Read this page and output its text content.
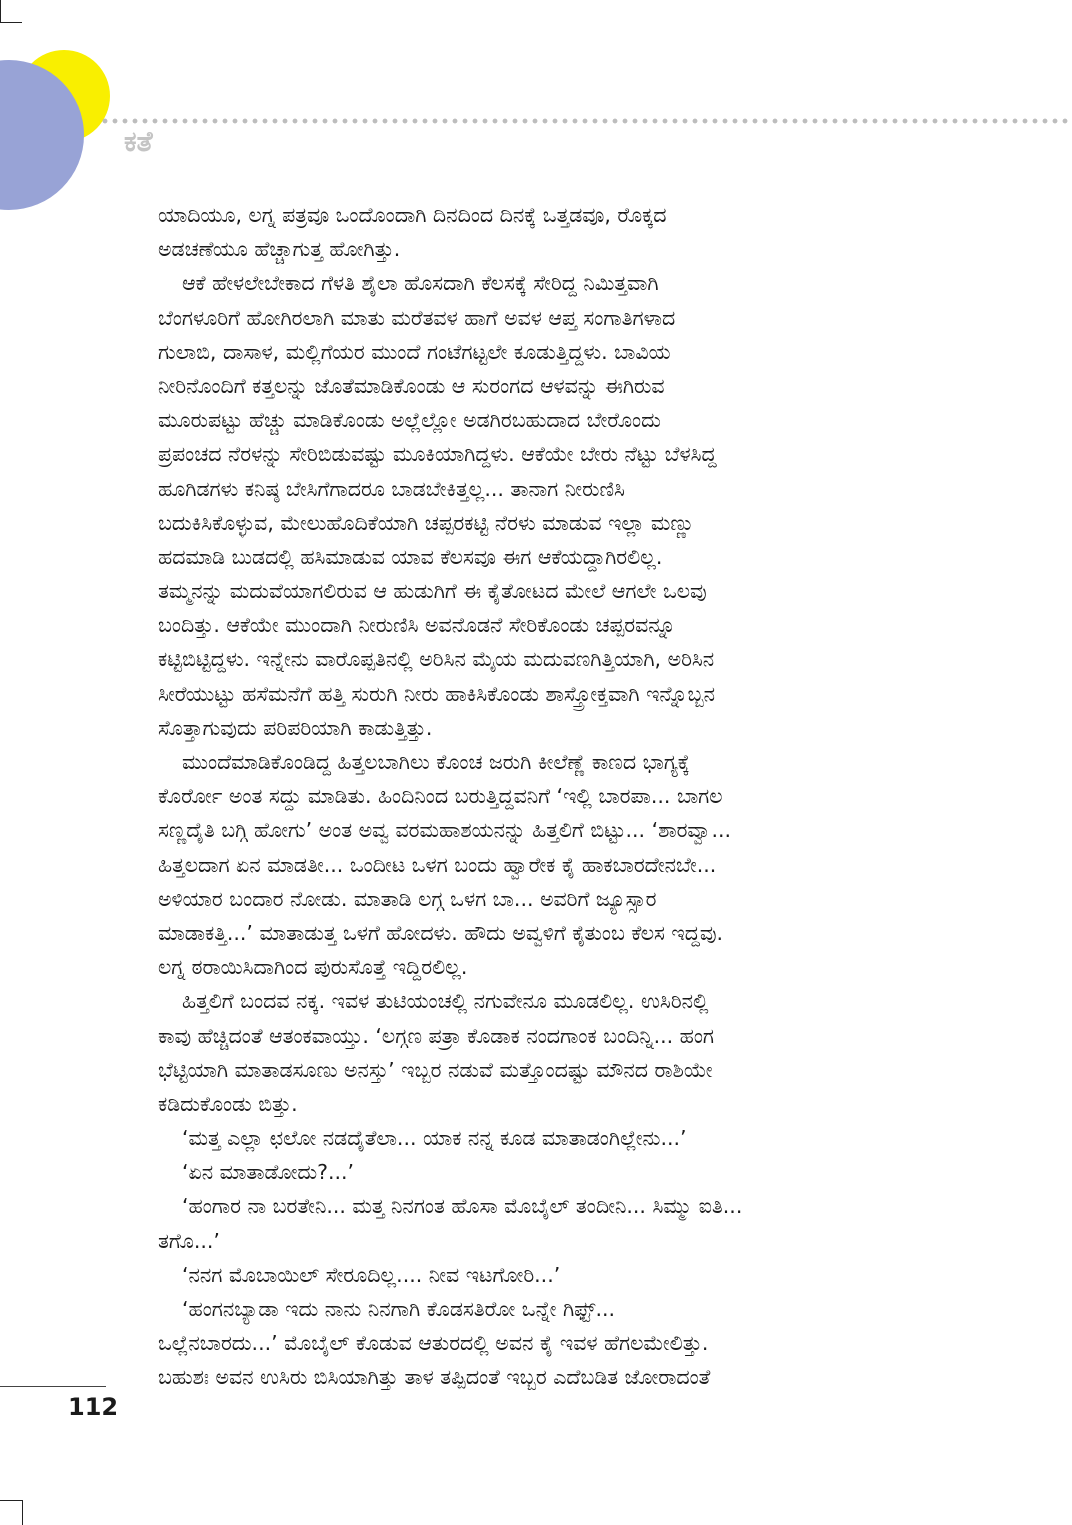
ಕತೆ
ಯಾದಿಯೂ, ಲಗ್ನ ಪತ್ರವೂ ಒಂದೊಂದಾಗಿ ದಿನದಿಂದ ದಿನಕ್ಕೆ ಒತ್ತಡವೂ, ರೊಕ್ಕದ
ಅಡಚಣೆಯೂ ಹೆಚ್ಚಾಗುತ್ತ ಹೋಗಿತ್ತು.
ಆಕೆ ಹೇಳಲೇಬೇಕಾದ ಗೆಳತಿ ಶೈಲಾ ಹೊಸದಾಗಿ ಕೆಲಸಕ್ಕೆ ಸೇರಿದ್ದ ನಿಮಿತ್ತವಾಗಿ
ಬೆಂಗಳೂರಿಗೆ ಹೋಗಿರಲಾಗಿ ಮಾತು ಮರೆತವಳ ಹಾಗೆ ಅವಳ ಆಪ್ತ ಸಂಗಾತಿಗಳಾದ
ಗುಲಾಬಿ, ದಾಸಾಳ, ಮಲ್ಲಿಗೆಯರ ಮುಂದೆ ಗಂಟೆಗಟ್ಟಲೇ ಕೂಡುತ್ತಿದ್ದಳು. ಬಾವಿಯ
ನೀರಿನೊಂದಿಗೆ ಕತ್ತಲನ್ನು ಜೊತೆಮಾಡಿಕೊಂಡು ಆ ಸುರಂಗದ ಆಳವನ್ನು ಈಗಿರುವ
ಮೂರುಪಟ್ಟು ಹೆಚ್ಚು ಮಾಡಿಕೊಂಡು ಅಲ್ಲೆಲ್ಲೋ ಅಡಗಿರಬಹುದಾದ ಬೇರೊಂದು
ಪ್ರಪಂಚದ ನೆರಳನ್ನು ಸೇರಿಬಿಡುವಷ್ಟು ಮೂಕಿಯಾಗಿದ್ದಳು. ಆಕೆಯೇ ಬೇರು ನೆಟ್ಟು ಬೆಳಸಿದ್ದ
ಹೂಗಿಡಗಳು ಕನಿಷ್ಠ ಬೇಸಿಗೆಗಾದರೂ ಬಾಡಬೇಕಿತ್ತಲ್ಲ... ತಾನಾಗ ನೀರುಣಿಸಿ
ಬದುಕಿಸಿಕೊಳ್ಳುವ, ಮೇಲುಹೊದಿಕೆಯಾಗಿ ಚಪ್ಪರಕಟ್ಟಿ ನೆರಳು ಮಾಡುವ ಇಲ್ಲಾ ಮಣ್ಣು
ಹದಮಾಡಿ ಬುಡದಲ್ಲಿ ಹಸಿಮಾಡುವ ಯಾವ ಕೆಲಸವೂ ಈಗ ಆಕೆಯದ್ದಾಗಿರಲಿಲ್ಲ.
ತಮ್ಮನನ್ನು ಮದುವೆಯಾಗಲಿರುವ ಆ ಹುಡುಗಿಗೆ ಈ ಕೈತೋಟದ ಮೇಲೆ ಆಗಲೇ ಒಲವು
ಬಂದಿತ್ತು. ಆಕೆಯೇ ಮುಂದಾಗಿ ನೀರುಣಿಸಿ ಅವನೊಡನೆ ಸೇರಿಕೊಂಡು ಚಪ್ಪರವನ್ನೂ
ಕಟ್ಟಿಬಿಟ್ಟಿದ್ದಳು. ಇನ್ನೇನು ವಾರೊಪ್ಪತಿನಲ್ಲಿ ಅರಿಸಿನ ಮೈಯ ಮದುವಣಗಿತ್ತಿಯಾಗಿ, ಅರಿಸಿನ
ಸೀರೆಯುಟ್ಟು ಹಸೆಮನೆಗೆ ಹತ್ತಿ ಸುರುಗಿ ನೀರು ಹಾಕಿಸಿಕೊಂಡು ಶಾಸ್ತ್ರೋಕ್ತವಾಗಿ ಇನ್ನೊಬ್ಬನ
ಸೊತ್ತಾಗುವುದು ಪರಿಪರಿಯಾಗಿ ಕಾಡುತ್ತಿತ್ತು.
ಮುಂದೆಮಾಡಿಕೊಂಡಿದ್ದ ಹಿತ್ತಲಬಾಗಿಲು ಕೊಂಚ ಜರುಗಿ ಕೀಲೆಣ್ಣೆ ಕಾಣದ ಭಾಗ್ಯಕ್ಕೆ
ಕೊರ್ರೋ ಅಂತ ಸದ್ದು ಮಾಡಿತು. ಹಿಂದಿನಿಂದ ಬರುತ್ತಿದ್ದವನಿಗೆ ‘ಇಲ್ಲಿ ಬಾರಪಾ... ಬಾಗಲ
ಸಣ್ಣದೈತಿ ಬಗ್ಗಿ ಹೋಗು’ ಅಂತ ಅವ್ವ ವರಮಹಾಶಯನನ್ನು ಹಿತ್ತಲಿಗೆ ಬಿಟ್ಟು... ‘ಶಾರವ್ವಾ...
ಹಿತ್ತಲದಾಗ ಏನ ಮಾಡತೀ... ಒಂದೀಟ ಒಳಗ ಬಂದು ಹ್ವಾರೇಕ ಕೈ ಹಾಕಬಾರದೇನಬೇ...
ಅಳಿಯಾರ ಬಂದಾರ ನೋಡು. ಮಾತಾಡಿ ಲಗ್ಗ ಒಳಗ ಬಾ... ಅವರಿಗೆ ಜ್ಯೂಸ್ಸಾರ
ಮಾಡಾಕತ್ತಿ...’ ಮಾತಾಡುತ್ತ ಒಳಗೆ ಹೋದಳು. ಹೌದು ಅವ್ವಳಿಗೆ ಕೈತುಂಬ ಕೆಲಸ ಇದ್ದವು.
ಲಗ್ನ ಠರಾಯಿಸಿದಾಗಿಂದ ಪುರುಸೊತ್ತೆ ಇದ್ದಿರಲಿಲ್ಲ.
ಹಿತ್ತಲಿಗೆ ಬಂದವ ನಕ್ಕ. ಇವಳ ತುಟಿಯಂಚಲ್ಲಿ ನಗುವೇನೂ ಮೂಡಲಿಲ್ಲ. ಉಸಿರಿನಲ್ಲಿ
ಕಾವು ಹೆಚ್ಚಿದಂತೆ ಆತಂಕವಾಯ್ತು. ‘ಲಗ್ಗಣ ಪತ್ರಾ ಕೊಡಾಕ ನಂದಗಾಂಕ ಬಂದಿನ್ನಿ... ಹಂಗ
ಭೆಟ್ಟಿಯಾಗಿ ಮಾತಾಡಸೂಣು ಅನಸ್ತು’ ಇಬ್ಬರ ನಡುವೆ ಮತ್ತೊಂದಷ್ಟು ಮೌನದ ರಾಶಿಯೇ
ಕಡಿದುಕೊಂಡು ಬಿತ್ತು.
‘ಮತ್ತ ಎಲ್ಲಾ ಛಲೋ ನಡದೈತೆಲಾ... ಯಾಕ ನನ್ನ ಕೂಡ ಮಾತಾಡಂಗಿಲ್ಲೇನು...’
‘ಏನ ಮಾತಾಡೋದು?...’
‘ಹಂಗಾರ ನಾ ಬರತೇನಿ... ಮತ್ತ ನಿನಗಂತ ಹೊಸಾ ಮೊಬೈಲ್ ತಂದೀನಿ... ಸಿಮ್ಮು ಐತಿ...
ತಗೊ...’
‘ನನಗ ಮೊಬಾಯಿಲ್ ಸೇರೂದಿಲ್ಲ.... ನೀವ ಇಟಗೋರಿ...’
‘ಹಂಗನಬ್ಯಾಡಾ ಇದು ನಾನು ನಿನಗಾಗಿ ಕೊಡಸತಿರೋ ಒನ್ನೇ ಗಿಫ್ಟ್...
ಒಲ್ಲೆನಬಾರದು...’ ಮೊಬೈಲ್ ಕೊಡುವ ಆತುರದಲ್ಲಿ ಅವನ ಕೈ ಇವಳ ಹೆಗಲಮೇಲಿತ್ತು.
ಬಹುಶಃ ಅವನ ಉಸಿರು ಬಿಸಿಯಾಗಿತ್ತು ತಾಳ ತಪ್ಪಿದಂತೆ ಇಬ್ಬರ ಎದೆಬಡಿತ ಜೋರಾದಂತೆ

112
